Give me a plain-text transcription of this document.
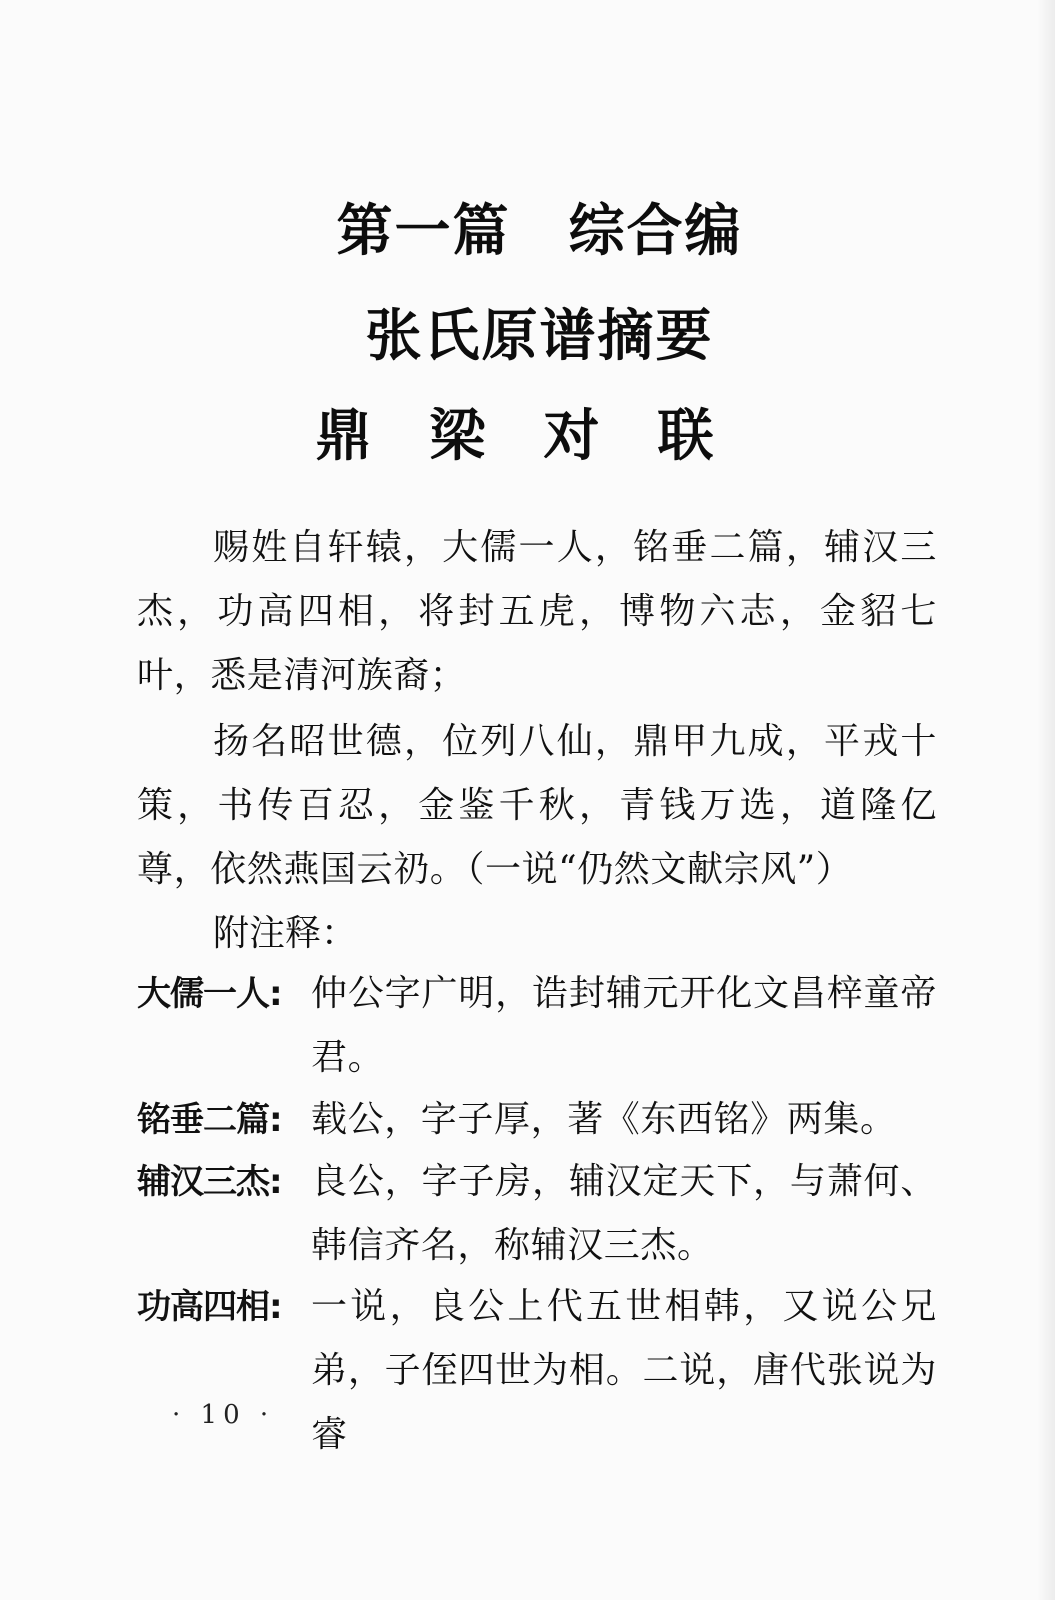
第一篇　综合编
张氏原谱摘要
鼎梁对联
赐姓自轩辕，大儒一人，铭垂二篇，辅汉三杰，功高四相，将封五虎，博物六志，金貂七叶，悉是清河族裔；
扬名昭世德，位列八仙，鼎甲九成，平戎十策，书传百忍，金鉴千秋，青钱万选，道隆亿尊，依然燕国云礽。（一说“仍然文献宗风”）
附注释：
大儒一人: 仲公字广明，诰封辅元开化文昌梓童帝君。
铭垂二篇: 载公，字子厚，著《东西铭》两集。
辅汉三杰: 良公，字子房，辅汉定天下，与萧何、韩信齐名，称辅汉三杰。
功高四相: 一说，良公上代五世相韩，又说公兄弟，子侄四世为相。二说，唐代张说为睿
· 10 ·
